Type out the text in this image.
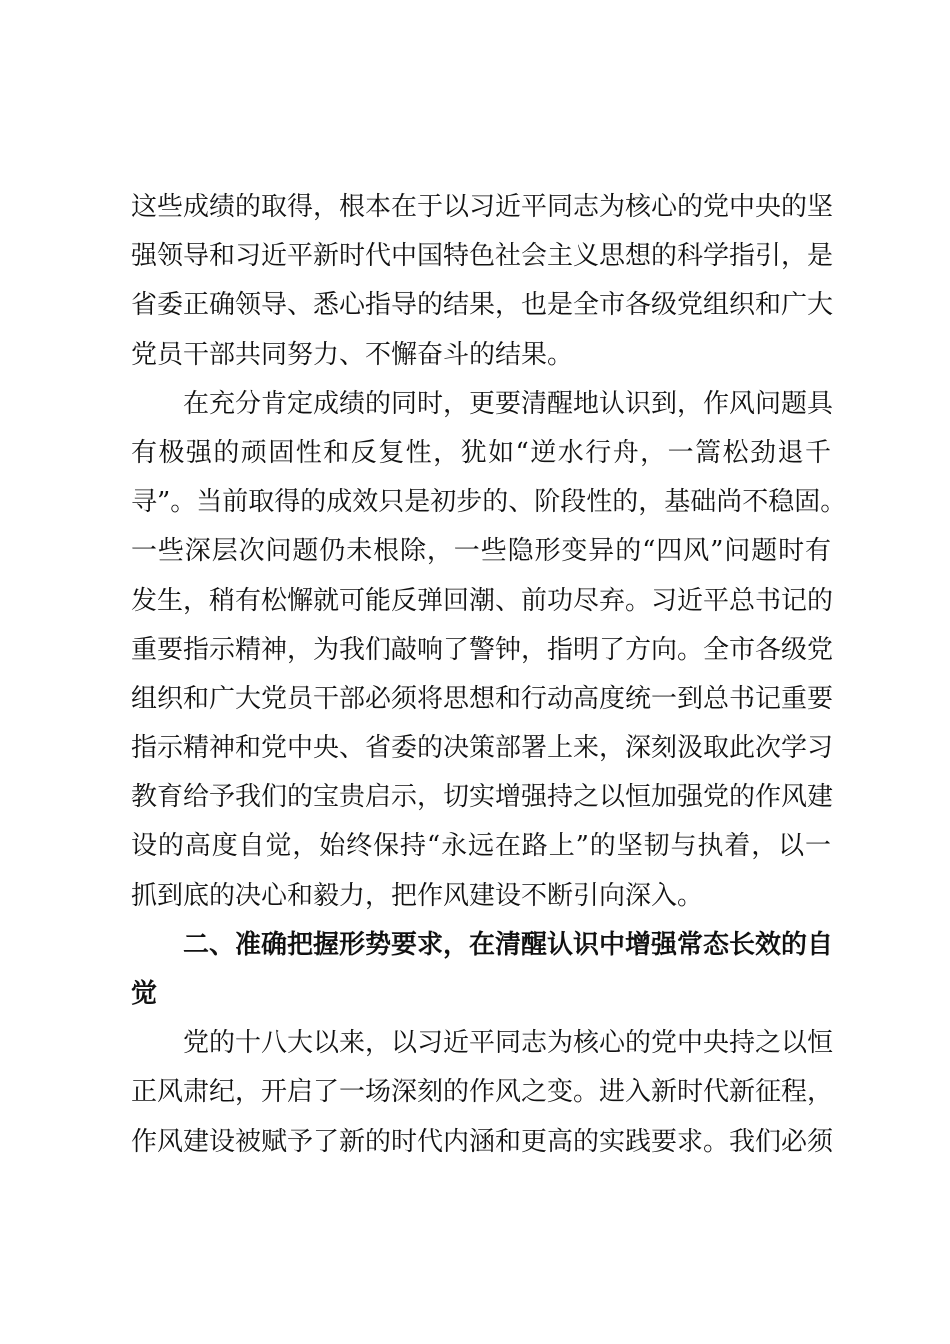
这些成绩的取得，根本在于以习近平同志为核心的党中央的坚
强领导和习近平新时代中国特色社会主义思想的科学指引，是
省委正确领导、悉心指导的结果，也是全市各级党组织和广大
党员干部共同努力、不懈奋斗的结果。
在充分肯定成绩的同时，更要清醒地认识到，作风问题具
有极强的顽固性和反复性，犹如“逆水行舟，一篙松劲退千
寻”。当前取得的成效只是初步的、阶段性的，基础尚不稳固。
一些深层次问题仍未根除，一些隐形变异的“四风”问题时有
发生，稍有松懈就可能反弹回潮、前功尽弃。习近平总书记的
重要指示精神，为我们敲响了警钟，指明了方向。全市各级党
组织和广大党员干部必须将思想和行动高度统一到总书记重要
指示精神和党中央、省委的决策部署上来，深刻汲取此次学习
教育给予我们的宝贵启示，切实增强持之以恒加强党的作风建
设的高度自觉，始终保持“永远在路上”的坚韧与执着，以一
抓到底的决心和毅力，把作风建设不断引向深入。
二、准确把握形势要求，在清醒认识中增强常态长效的自
觉
党的十八大以来，以习近平同志为核心的党中央持之以恒
正风肃纪，开启了一场深刻的作风之变。进入新时代新征程，
作风建设被赋予了新的时代内涵和更高的实践要求。我们必须
